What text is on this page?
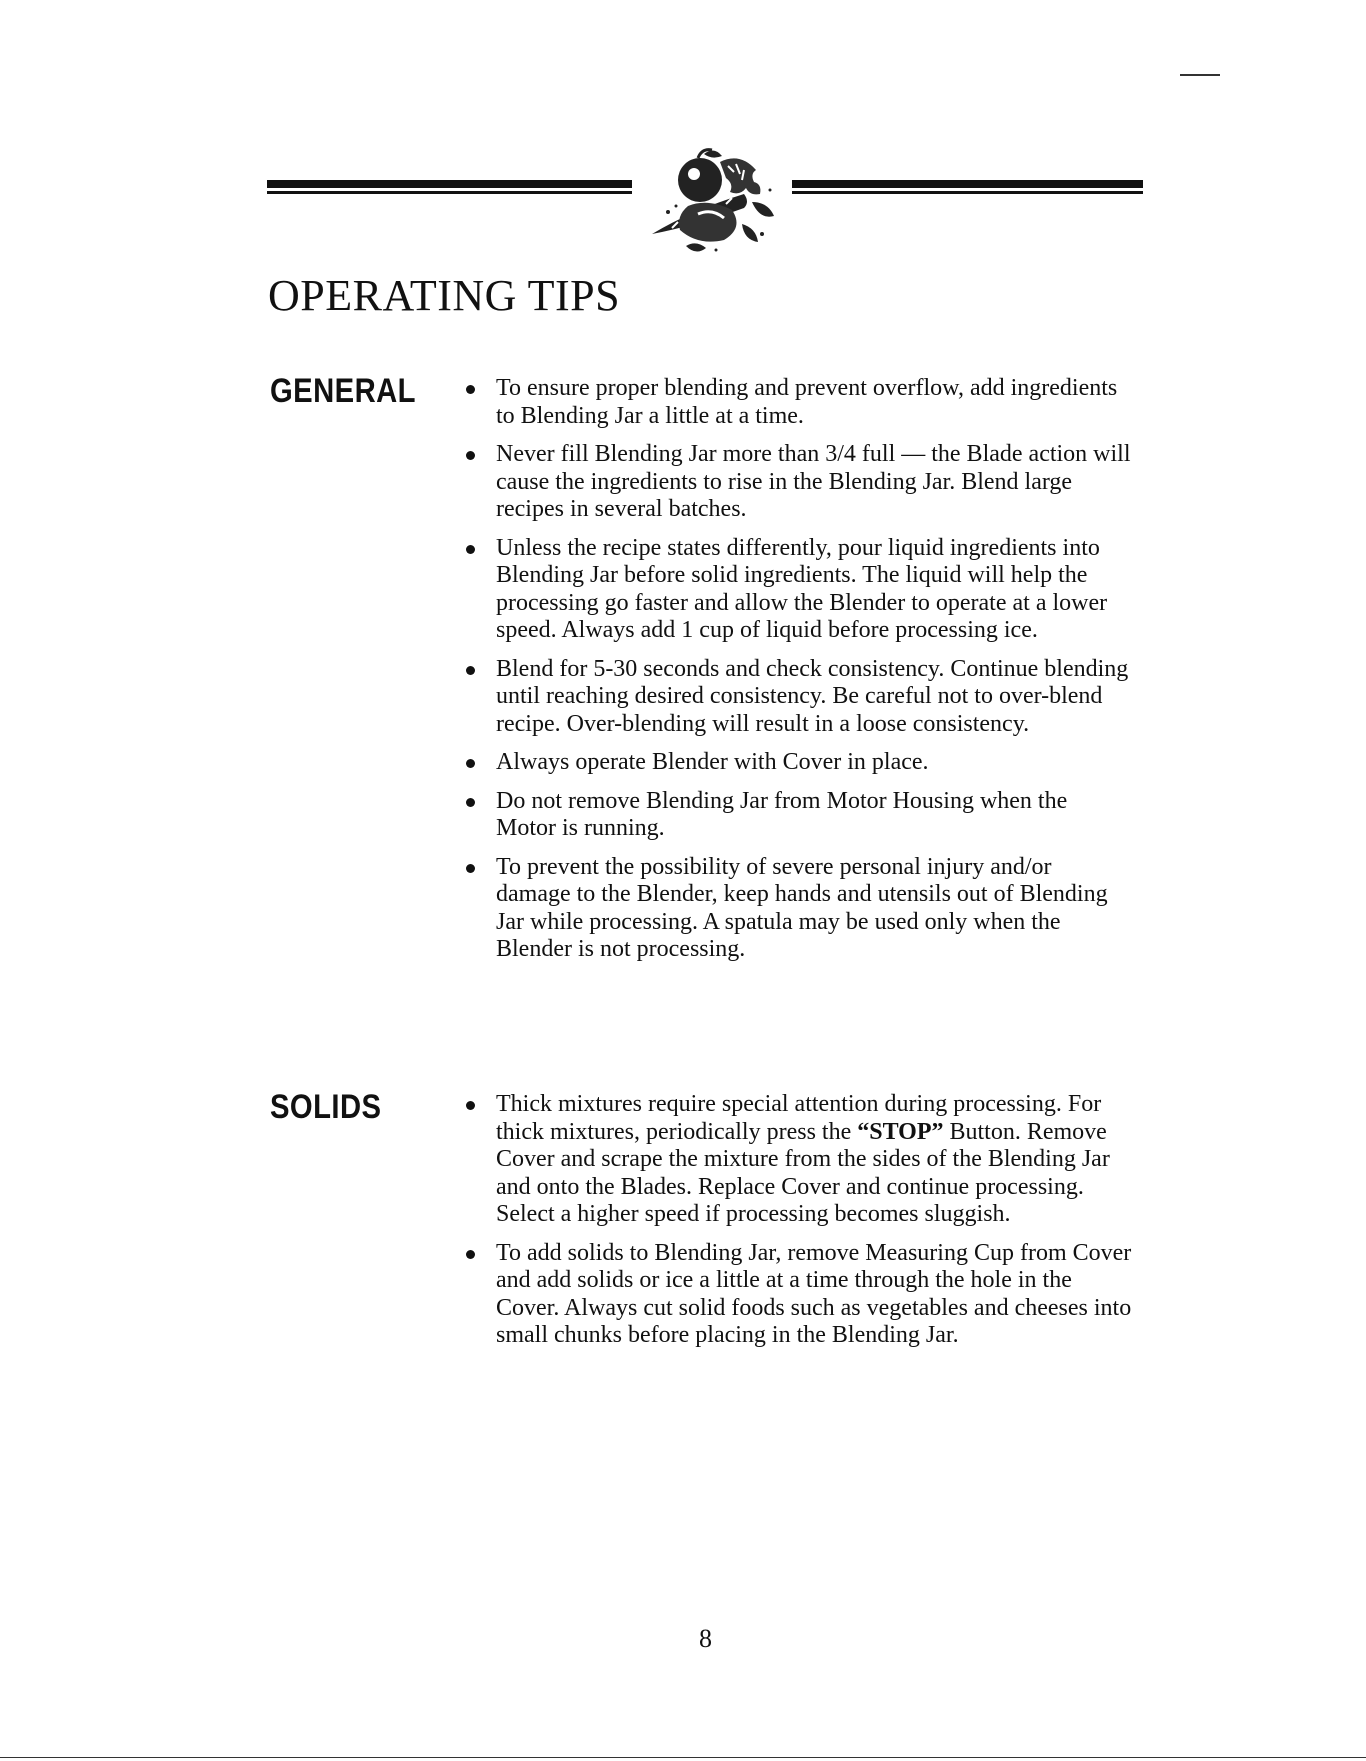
OPERATING TIPS
GENERAL	To ensure proper blending and prevent overflow, add ingredients to Blending Jar a little at a time.
Never fill Blending Jar more than 3/4 full — the Blade action will cause the ingredients to rise in the Blending Jar. Blend large recipes in several batches.
Unless the recipe states differently, pour liquid ingredients into Blending Jar before solid ingredients. The liquid will help the processing go faster and allow the Blender to operate at a lower speed. Always add 1 cup of liquid before processing ice.
Blend for 5-30 seconds and check consistency. Continue blending until reaching desired consistency. Be careful not to over-blend recipe. Over-blending will result in a loose consistency.
Always operate Blender with Cover in place.
Do not remove Blending Jar from Motor Housing when the Motor is running.
To prevent the possibility of severe personal injury and/or damage to the Blender, keep hands and utensils out of Blending Jar while processing. A spatula may be used only when the Blender is not processing.
SOLIDS	Thick mixtures require special attention during processing. For thick mixtures, periodically press the “STOP” Button. Remove Cover and scrape the mixture from the sides of the Blending Jar and onto the Blades. Replace Cover and continue processing. Select a higher speed if processing becomes sluggish.
To add solids to Blending Jar, remove Measuring Cup from Cover and add solids or ice a little at a time through the hole in the Cover. Always cut solid foods such as vegetables and cheeses into small chunks before placing in the Blending Jar.
8
